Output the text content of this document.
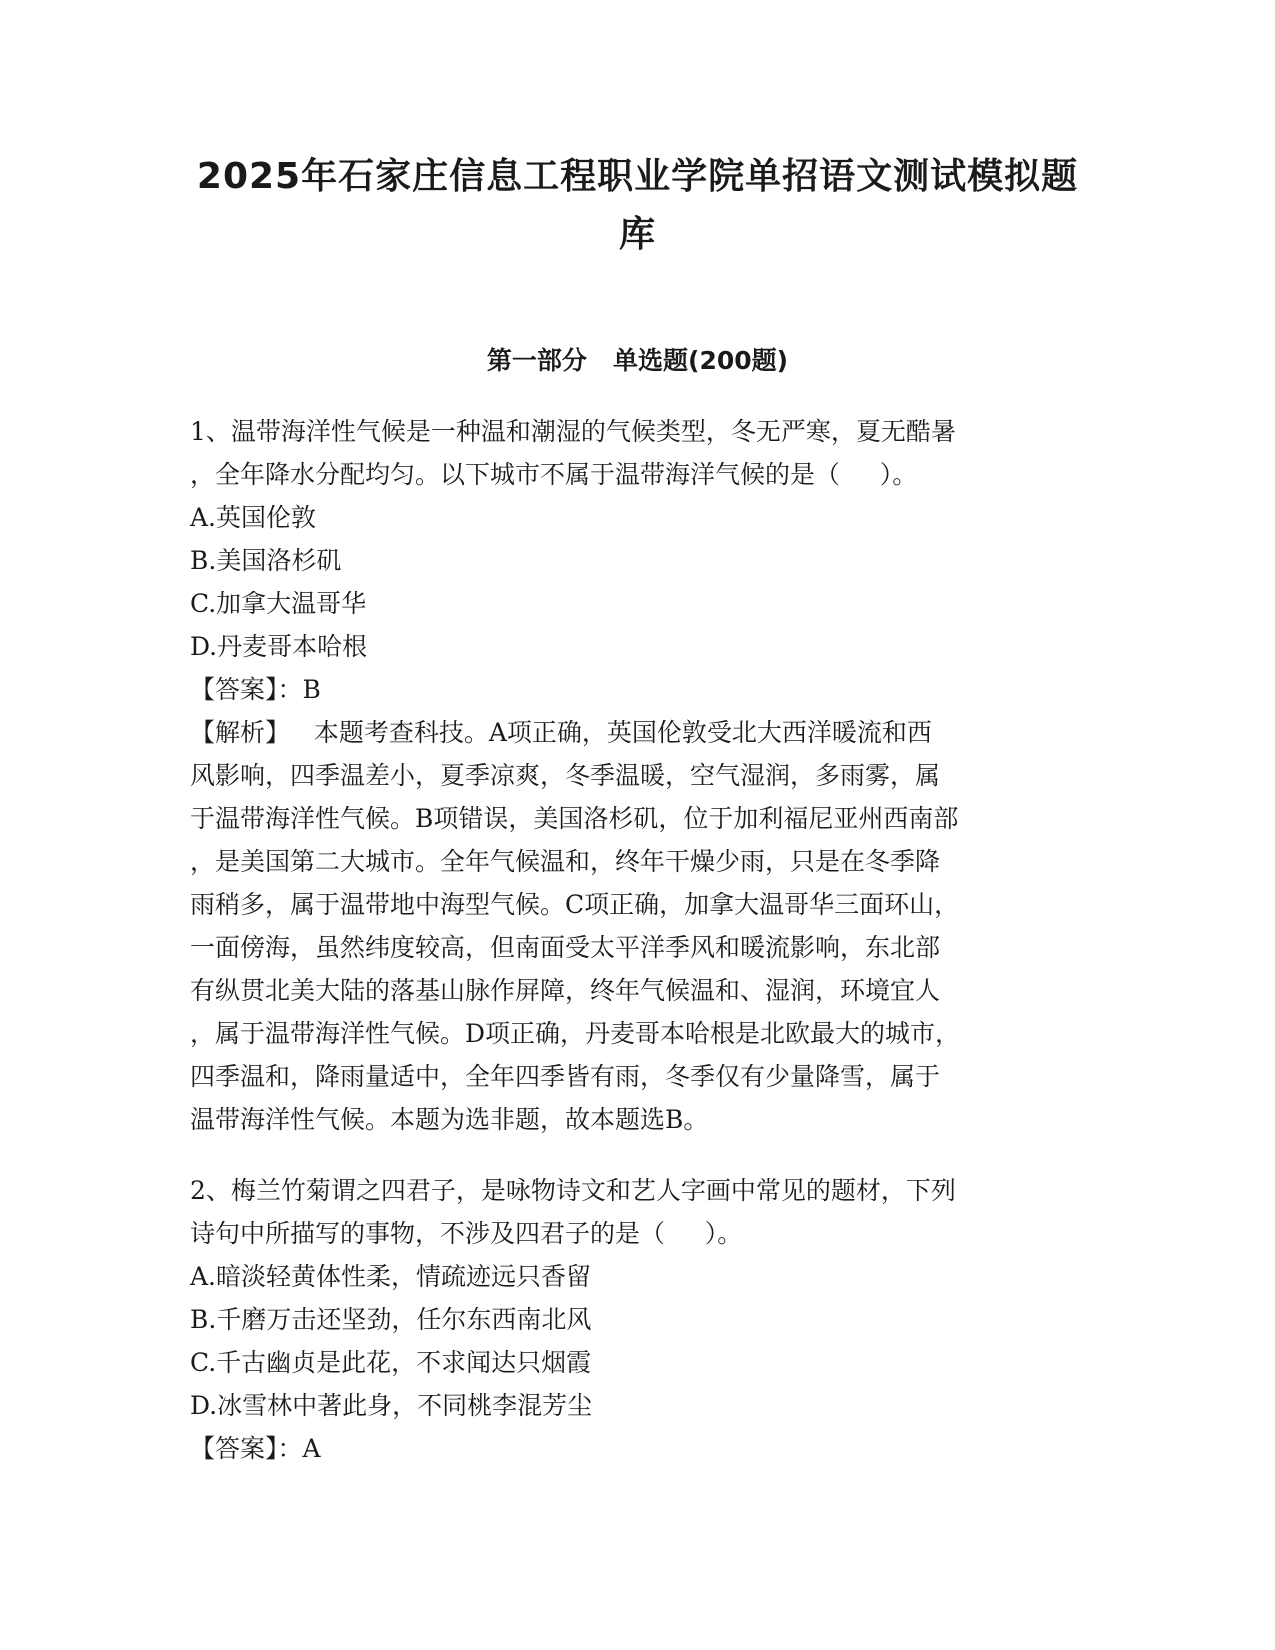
2025年石家庄信息工程职业学院单招语文测试模拟题
库
第一部分   单选题(200题)
1、温带海洋性气候是一种温和潮湿的气候类型，冬无严寒，夏无酷暑
，全年降水分配均匀。以下城市不属于温带海洋气候的是（     ）。
A.英国伦敦
B.美国洛杉矶
C.加拿大温哥华
D.丹麦哥本哈根
【答案】：B
【解析】   本题考查科技。A项正确，英国伦敦受北大西洋暖流和西
风影响，四季温差小，夏季凉爽，冬季温暖，空气湿润，多雨雾，属
于温带海洋性气候。B项错误，美国洛杉矶，位于加利福尼亚州西南部
，是美国第二大城市。全年气候温和，终年干燥少雨，只是在冬季降
雨稍多，属于温带地中海型气候。C项正确，加拿大温哥华三面环山，
一面傍海，虽然纬度较高，但南面受太平洋季风和暖流影响，东北部
有纵贯北美大陆的落基山脉作屏障，终年气候温和、湿润，环境宜人
，属于温带海洋性气候。D项正确，丹麦哥本哈根是北欧最大的城市，
四季温和，降雨量适中，全年四季皆有雨，冬季仅有少量降雪，属于
温带海洋性气候。本题为选非题，故本题选B。
2、梅兰竹菊谓之四君子，是咏物诗文和艺人字画中常见的题材，下列
诗句中所描写的事物，不涉及四君子的是（     ）。
A.暗淡轻黄体性柔，情疏迹远只香留
B.千磨万击还坚劲，任尔东西南北风
C.千古幽贞是此花，不求闻达只烟霞
D.冰雪林中著此身，不同桃李混芳尘
【答案】：A
